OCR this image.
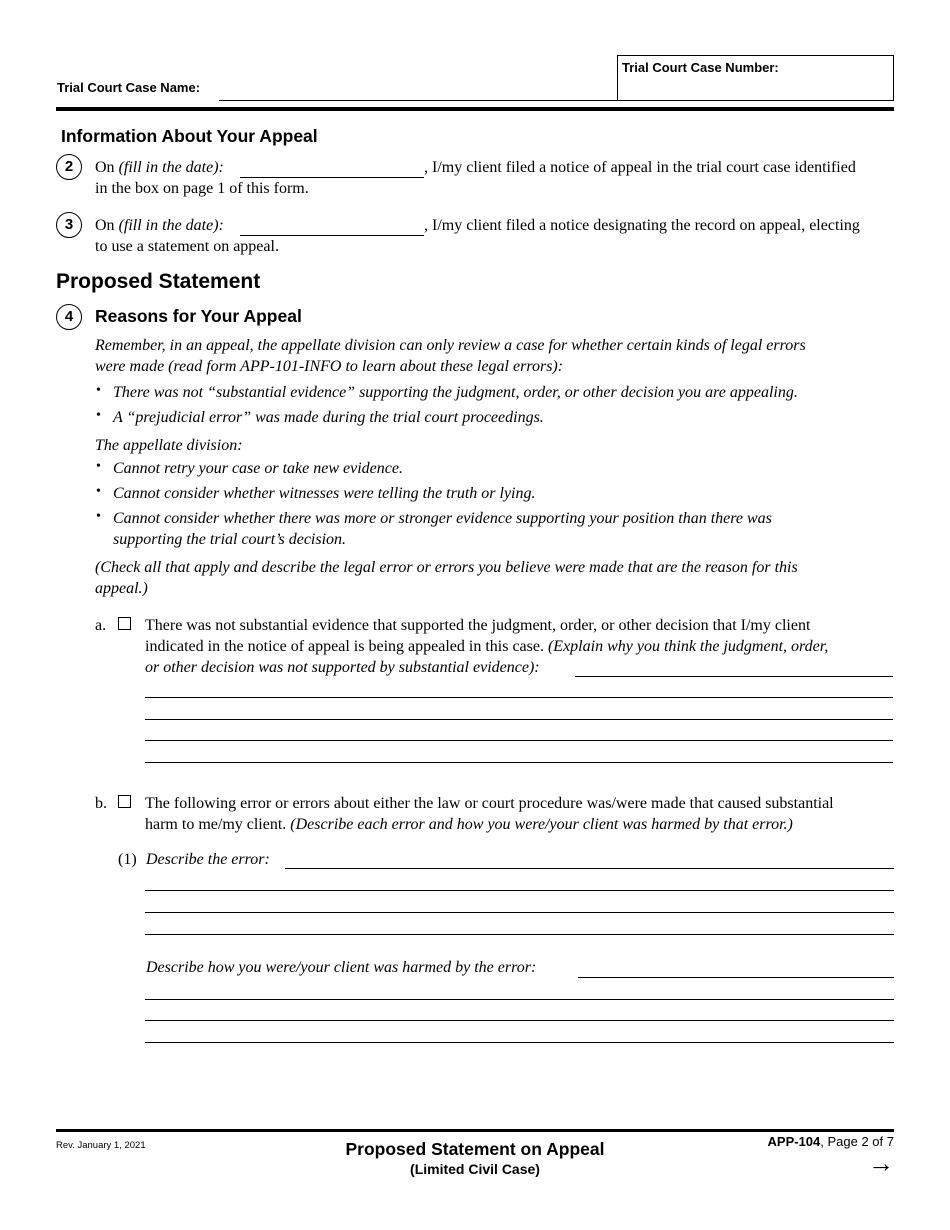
Trial Court Case Name:
Trial Court Case Number:
Information About Your Appeal
2	On (fill in the date):	, I/my client filed a notice of appeal in the trial court case identified
in the box on page 1 of this form.
3	On (fill in the date):	, I/my client filed a notice designating the record on appeal, electing
to use a statement on appeal.
Proposed Statement
4	Reasons for Your Appeal
Remember, in an appeal, the appellate division can only review a case for whether certain kinds of legal errors
were made (read form APP-101-INFO to learn about these legal errors):
• There was not “substantial evidence” supporting the judgment, order, or other decision you are appealing.
• A “prejudicial error” was made during the trial court proceedings.
The appellate division:
• Cannot retry your case or take new evidence.
• Cannot consider whether witnesses were telling the truth or lying.
• Cannot consider whether there was more or stronger evidence supporting your position than there was
supporting the trial court’s decision.
(Check all that apply and describe the legal error or errors you believe were made that are the reason for this
appeal.)
a. There was not substantial evidence that supported the judgment, order, or other decision that I/my client
indicated in the notice of appeal is being appealed in this case. (Explain why you think the judgment, order,
or other decision was not supported by substantial evidence):
b. The following error or errors about either the law or court procedure was/were made that caused substantial
harm to me/my client. (Describe each error and how you were/your client was harmed by that error.)
(1) Describe the error:
Describe how you were/your client was harmed by the error:
Rev. January 1, 2021	Proposed Statement on Appeal
(Limited Civil Case)
APP-104, Page 2 of 7
→
